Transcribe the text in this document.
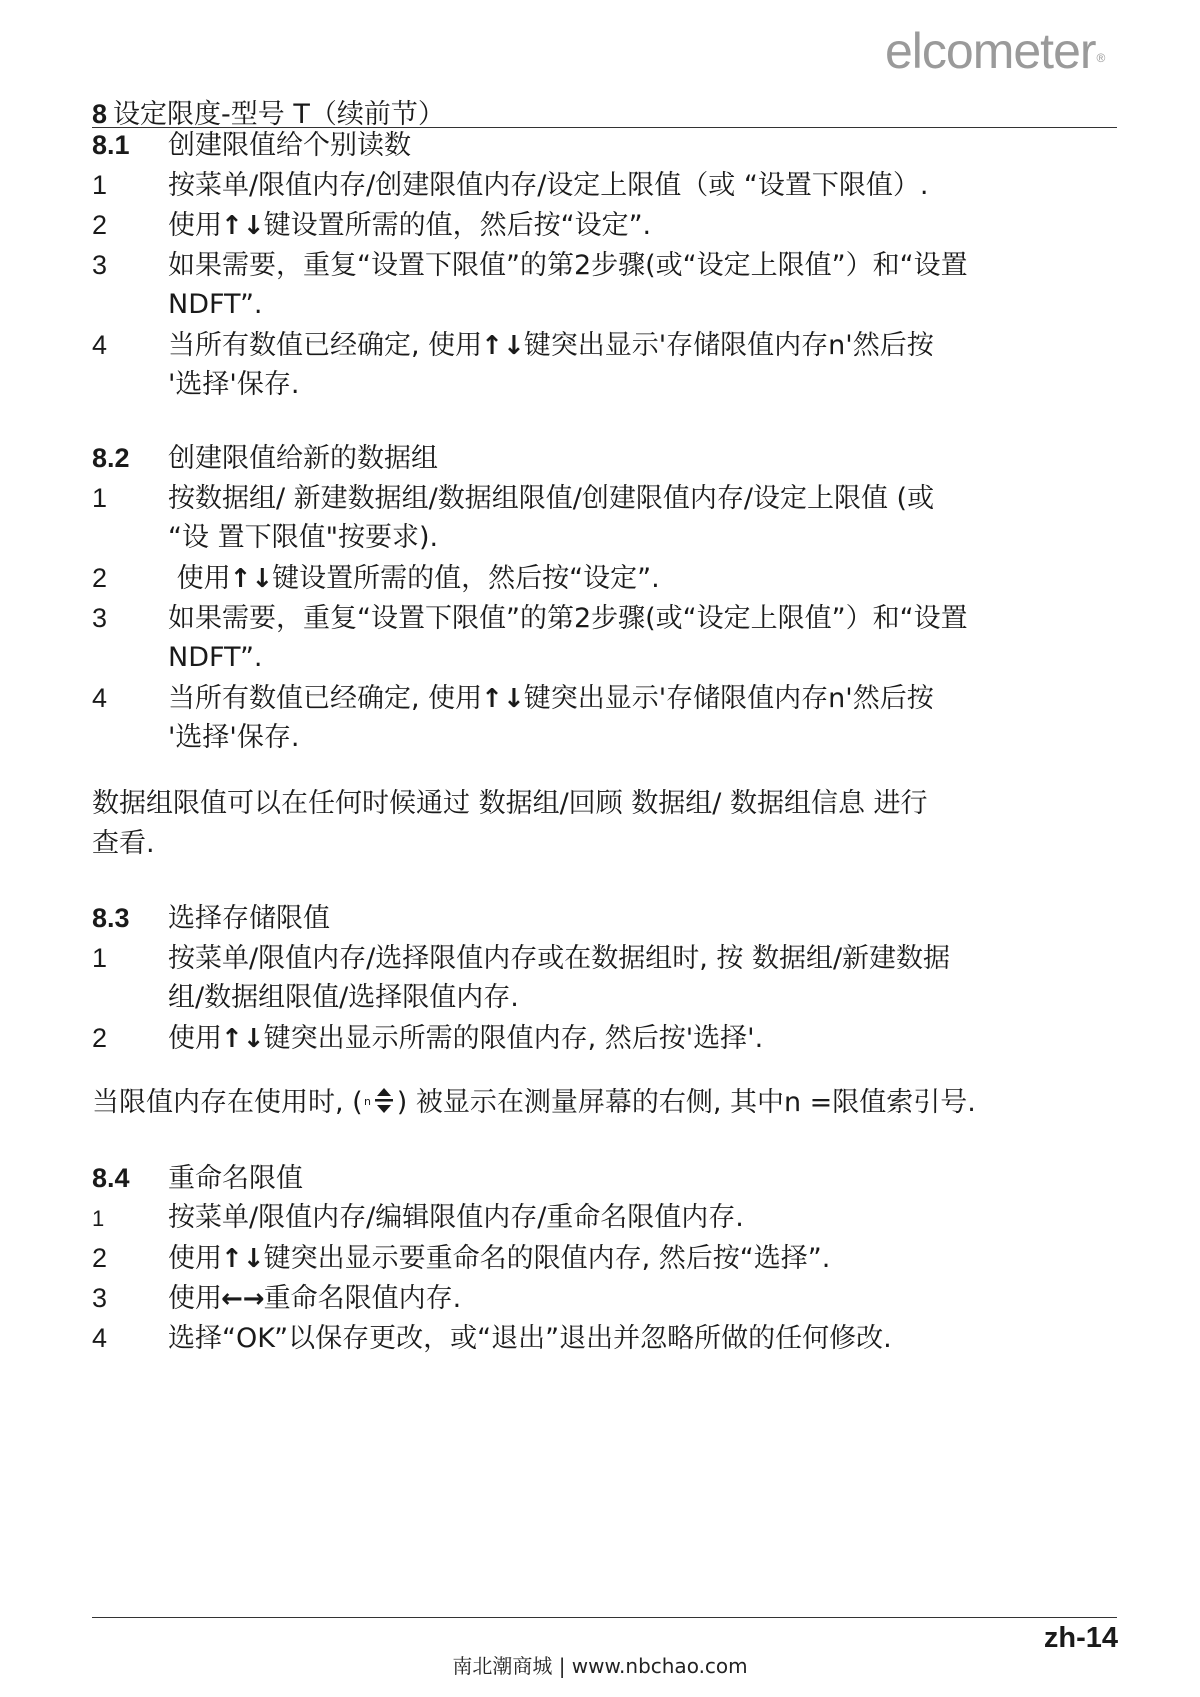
elcometer®
8 设定限度-型号 T（续前节）
8.1 创建限值给个别读数
1 按菜单/限值内存/创建限值内存/设定上限值（或 “设置下限值）.
2 使用↑↓键设置所需的值，然后按“设定”.
3 如果需要，重复“设置下限值”的第2步骤(或“设定上限值”）和“设置
NDFT”.
4 当所有数值已经确定, 使用↑↓键突出显示'存储限值内存n'然后按
'选择'保存.
8.2 创建限值给新的数据组
1 按数据组/ 新建数据组/数据组限值/创建限值内存/设定上限值 (或
“设 置下限值"按要求).
2 使用↑↓键设置所需的值，然后按“设定”.
3 如果需要，重复“设置下限值”的第2步骤(或“设定上限值”）和“设置
NDFT”.
4 当所有数值已经确定, 使用↑↓键突出显示'存储限值内存n'然后按
'选择'保存.
数据组限值可以在任何时候通过 数据组/回顾 数据组/ 数据组信息 进行
查看.
8.3 选择存储限值
1 按菜单/限值内存/选择限值内存或在数据组时, 按 数据组/新建数据
组/数据组限值/选择限值内存.
2 使用↑↓键突出显示所需的限值内存, 然后按'选择'.
当限值内存在使用时, ( n ) 被显示在测量屏幕的右侧, 其中n =限值索引号.
8.4 重命名限值
1 按菜单/限值内存/编辑限值内存/重命名限值内存.
2 使用↑↓键突出显示要重命名的限值内存, 然后按“选择”.
3 使用←→重命名限值内存.
4 选择“OK”以保存更改，或“退出”退出并忽略所做的任何修改.
zh-14
南北潮商城 | www.nbchao.com
